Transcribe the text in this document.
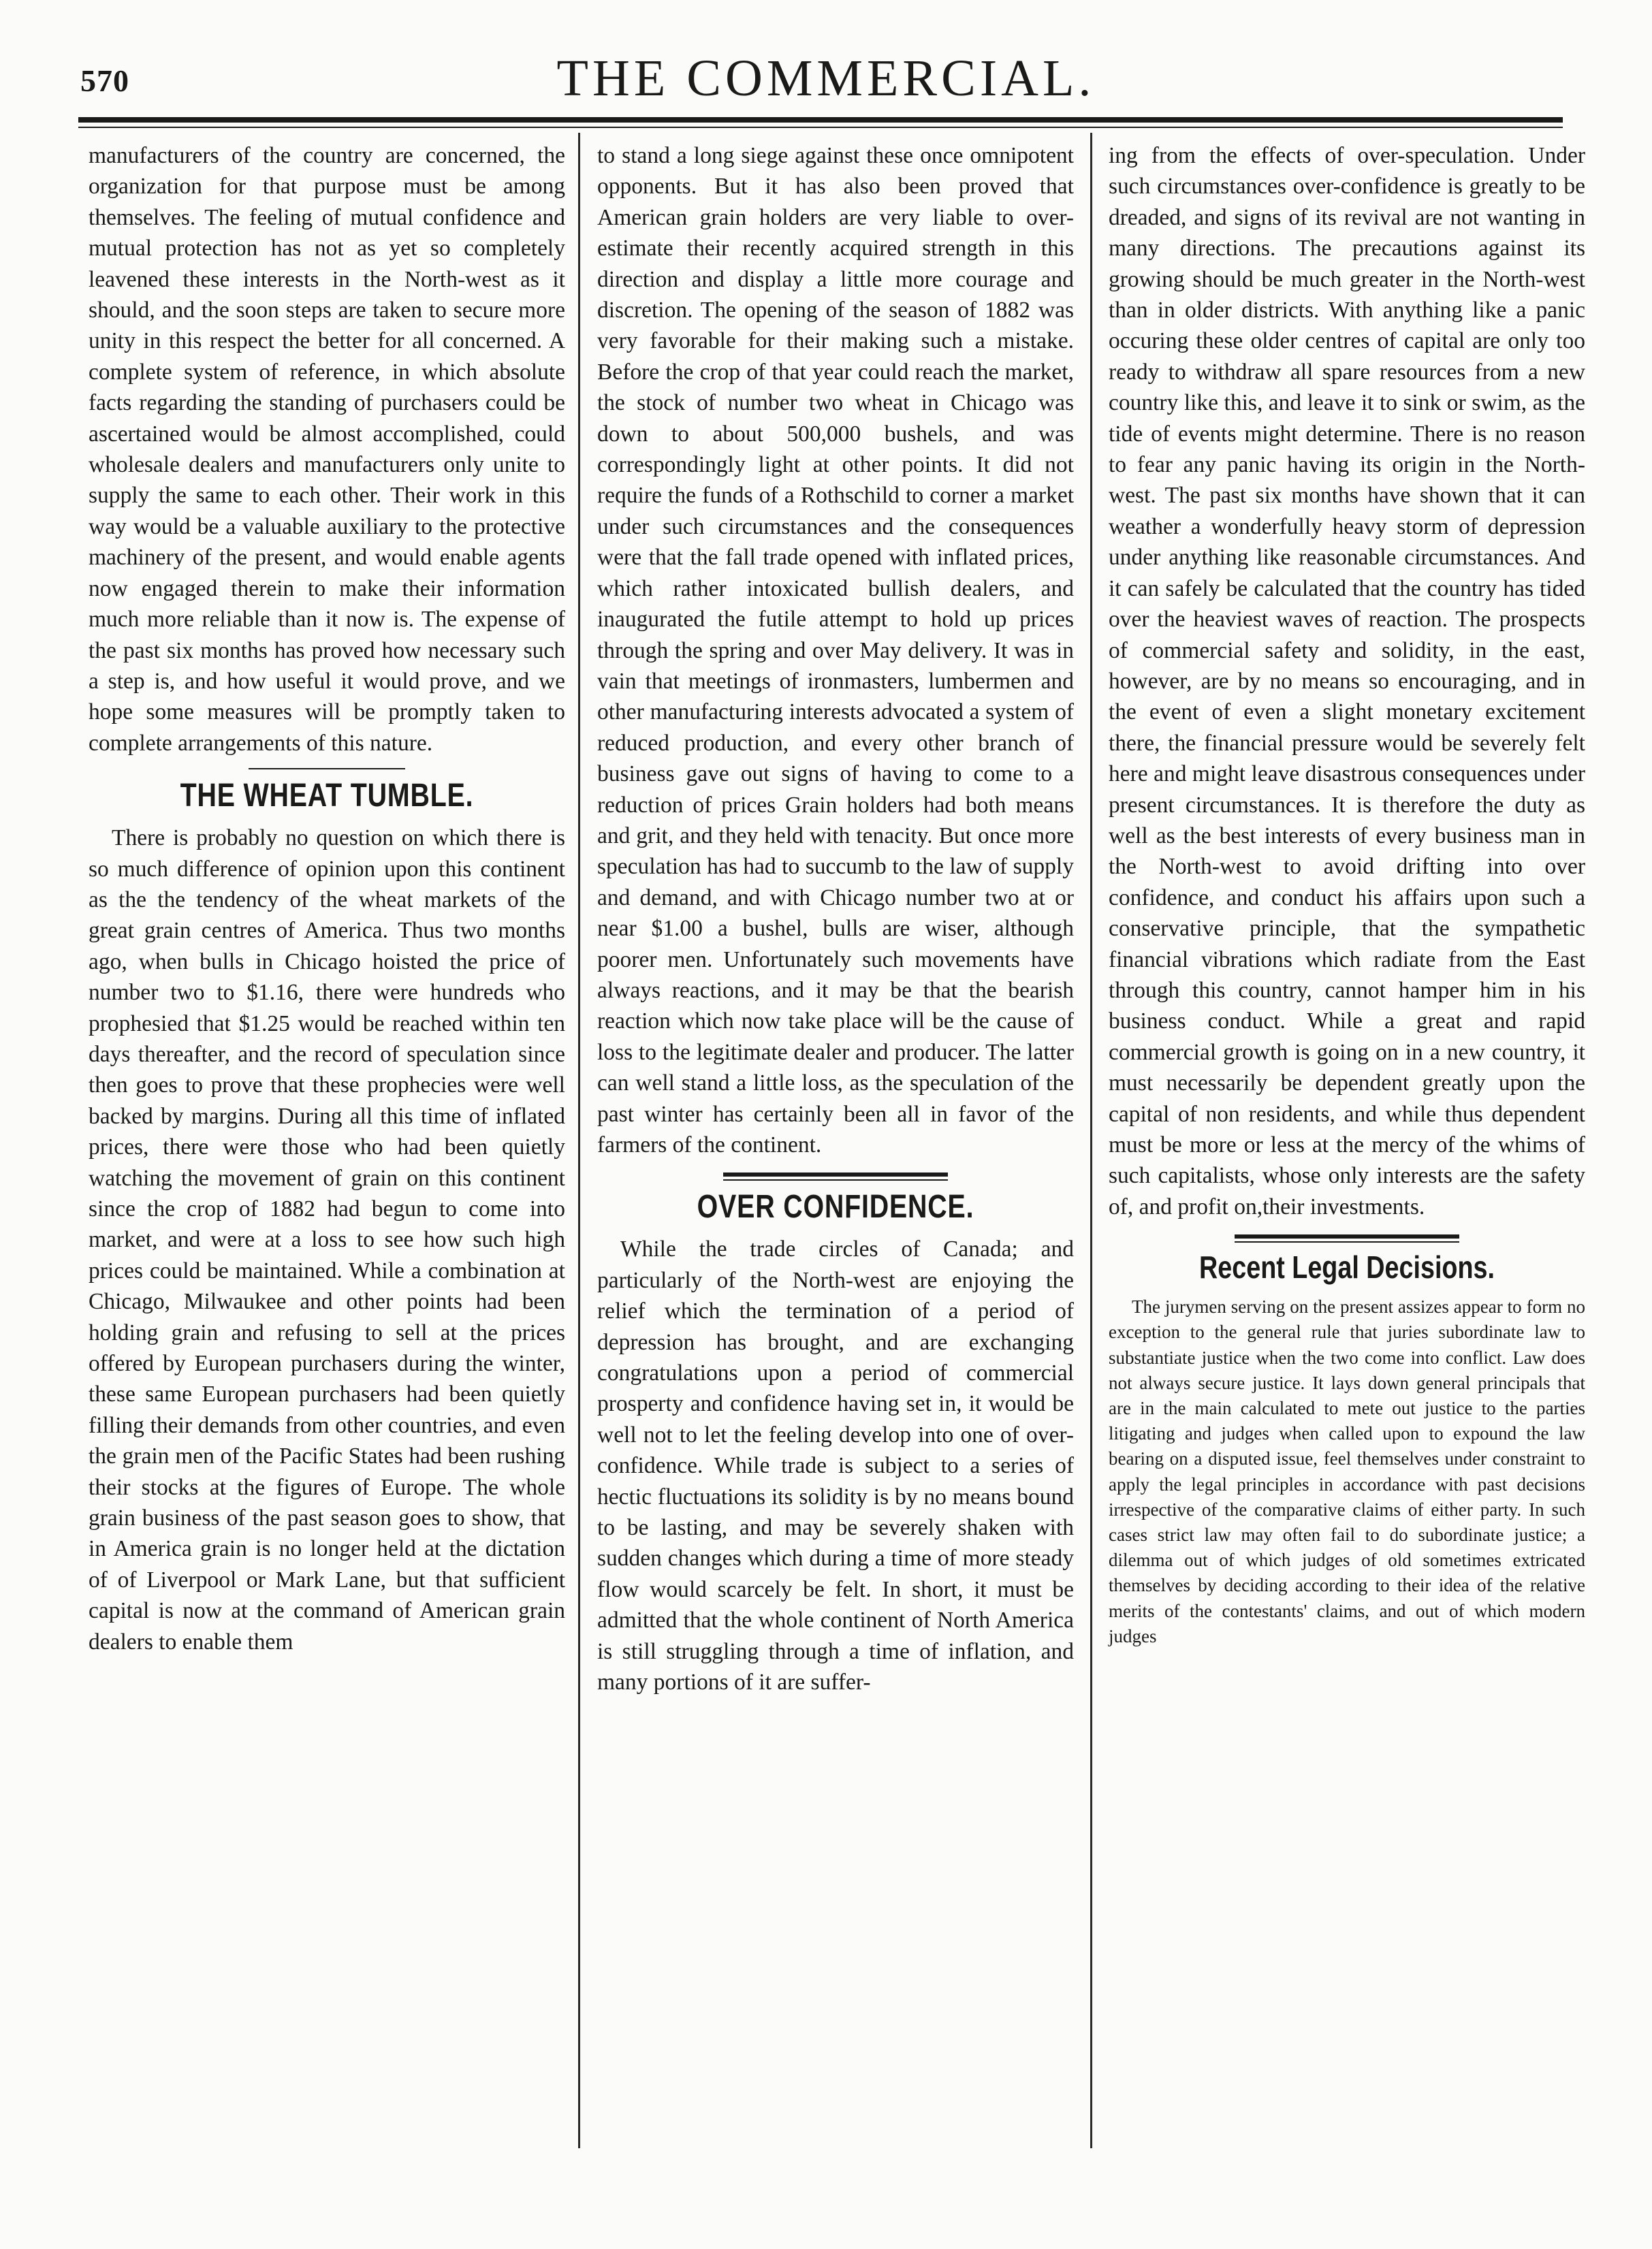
570	THE COMMERCIAL.

manufacturers of the country are concerned, the organization for that purpose must be among themselves. The feeling of mutual confidence and mutual protection has not as yet so completely leavened these interests in the North-west as it should, and the soon steps are taken to secure more unity in this respect the better for all concerned. A complete system of reference, in which absolute facts regarding the standing of purchasers could be ascertained would be almost accomplished, could wholesale dealers and manufacturers only unite to supply the same to each other. Their work in this way would be a valuable auxiliary to the protective machinery of the present, and would enable agents now engaged therein to make their information much more reliable than it now is. The expense of the past six months has proved how necessary such a step is, and how useful it would prove, and we hope some measures will be promptly taken to complete arrangements of this nature.

THE WHEAT TUMBLE.

There is probably no question on which there is so much difference of opinion upon this continent as the the tendency of the wheat markets of the great grain centres of America. Thus two months ago, when bulls in Chicago hoisted the price of number two to $1.16, there were hundreds who prophesied that $1.25 would be reached within ten days thereafter, and the record of speculation since then goes to prove that these prophecies were well backed by margins. During all this time of inflated prices, there were those who had been quietly watching the movement of grain on this continent since the crop of 1882 had begun to come into market, and were at a loss to see how such high prices could be maintained. While a combination at Chicago, Milwaukee and other points had been holding grain and refusing to sell at the prices offered by European purchasers during the winter, these same European purchasers had been quietly filling their demands from other countries, and even the grain men of the Pacific States had been rushing their stocks at the figures of Europe. The whole grain business of the past season goes to show, that in America grain is no longer held at the dictation of of Liverpool or Mark Lane, but that sufficient capital is now at the command of American grain dealers to enable them

to stand a long siege against these once omnipotent opponents. But it has also been proved that American grain holders are very liable to over-estimate their recently acquired strength in this direction and display a little more courage and discretion. The opening of the season of 1882 was very favorable for their making such a mistake. Before the crop of that year could reach the market, the stock of number two wheat in Chicago was down to about 500,000 bushels, and was correspondingly light at other points. It did not require the funds of a Rothschild to corner a market under such circumstances and the consequences were that the fall trade opened with inflated prices, which rather intoxicated bullish dealers, and inaugurated the futile attempt to hold up prices through the spring and over May delivery. It was in vain that meetings of ironmasters, lumbermen and other manufacturing interests advocated a system of reduced production, and every other branch of business gave out signs of having to come to a reduction of prices Grain holders had both means and grit, and they held with tenacity. But once more speculation has had to succumb to the law of supply and demand, and with Chicago number two at or near $1.00 a bushel, bulls are wiser, although poorer men. Unfortunately such movements have always reactions, and it may be that the bearish reaction which now take place will be the cause of loss to the legitimate dealer and producer. The latter can well stand a little loss, as the speculation of the past winter has certainly been all in favor of the farmers of the continent.

OVER CONFIDENCE.

While the trade circles of Canada; and particularly of the North-west are enjoying the relief which the termination of a period of depression has brought, and are exchanging congratulations upon a period of commercial prosperty and confidence having set in, it would be well not to let the feeling develop into one of over-confidence. While trade is subject to a series of hectic fluctuations its solidity is by no means bound to be lasting, and may be severely shaken with sudden changes which during a time of more steady flow would scarcely be felt. In short, it must be admitted that the whole continent of North America is still struggling through a time of inflation, and many portions of it are suffer-

ing from the effects of over-speculation. Under such circumstances over-confidence is greatly to be dreaded, and signs of its revival are not wanting in many directions. The precautions against its growing should be much greater in the North-west than in older districts. With anything like a panic occuring these older centres of capital are only too ready to withdraw all spare resources from a new country like this, and leave it to sink or swim, as the tide of events might determine. There is no reason to fear any panic having its origin in the North-west. The past six months have shown that it can weather a wonderfully heavy storm of depression under anything like reasonable circumstances. And it can safely be calculated that the country has tided over the heaviest waves of reaction. The prospects of commercial safety and solidity, in the east, however, are by no means so encouraging, and in the event of even a slight monetary excitement there, the financial pressure would be severely felt here and might leave disastrous consequences under present circumstances. It is therefore the duty as well as the best interests of every business man in the North-west to avoid drifting into over confidence, and conduct his affairs upon such a conservative principle, that the sympathetic financial vibrations which radiate from the East through this country, cannot hamper him in his business conduct. While a great and rapid commercial growth is going on in a new country, it must necessarily be dependent greatly upon the capital of non residents, and while thus dependent must be more or less at the mercy of the whims of such capitalists, whose only interests are the safety of, and profit on,their investments.

Recent Legal Decisions.

The jurymen serving on the present assizes appear to form no exception to the general rule that juries subordinate law to substantiate justice when the two come into conflict. Law does not always secure justice. It lays down general principals that are in the main calculated to mete out justice to the parties litigating and judges when called upon to expound the law bearing on a disputed issue, feel themselves under constraint to apply the legal principles in accordance with past decisions irrespective of the comparative claims of either party. In such cases strict law may often fail to do subordinate justice; a dilemma out of which judges of old sometimes extricated themselves by deciding according to their idea of the relative merits of the contestants' claims, and out of which modern judges
